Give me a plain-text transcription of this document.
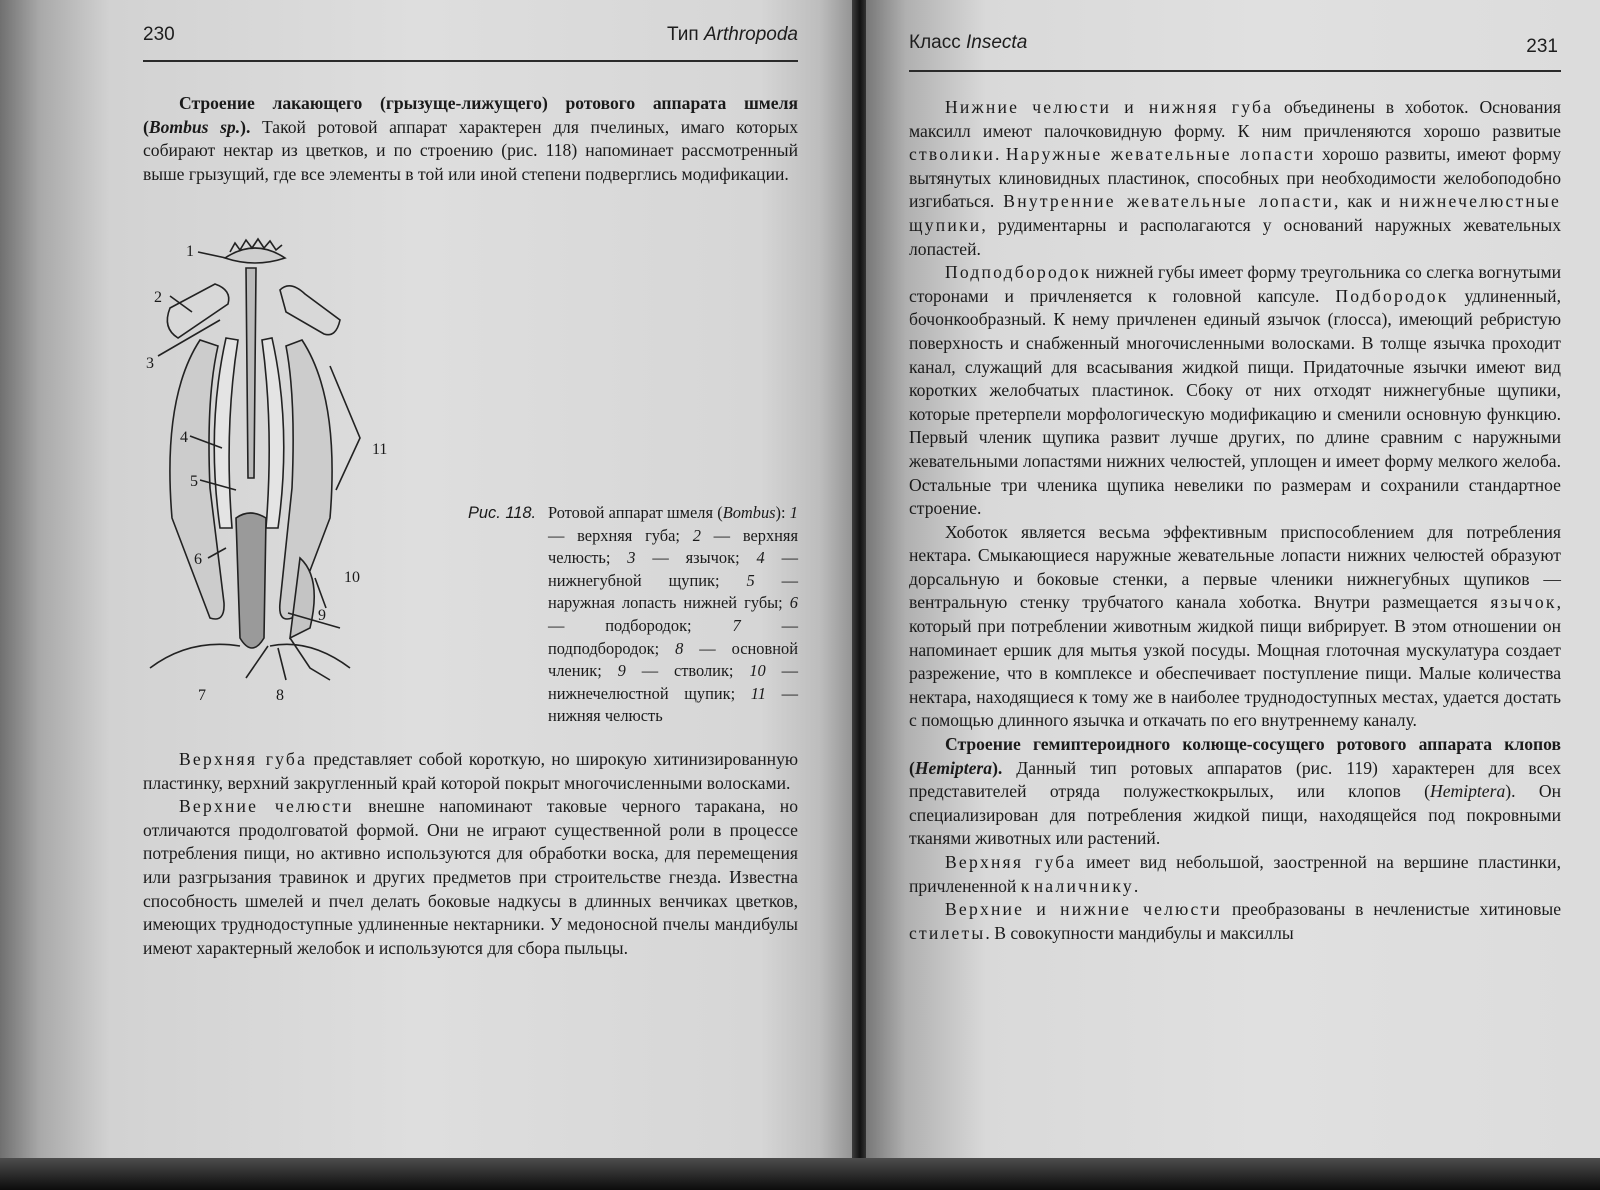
230	Тип Arthropoda

Строение лакающего (грызуще-лижущего) ротового аппарата шмеля (Bombus sp.). Такой ротовой аппарат характерен для пчелиных, имаго которых собирают нектар из цветков, и по строению (рис. 118) напоминает рассмотренный выше грызущий, где все элементы в той или иной степени подверглись модификации.

1
2
3
4
5
6
7	8
9
10
11
Рис. 118. Ротовой аппарат шмеля (Bombus): 1 — верхняя губа; 2 — верхняя челюсть; 3 — язычок; 4 — нижнегубной щупик; 5 — наружная лопасть нижней губы; 6 — подбородок; 7 — подподбородок; 8 — основной членик; 9 — стволик; 10 — нижнечелюстной щупик; 11 — нижняя челюсть

Верхняя губа представляет собой короткую, но широкую хитинизированную пластинку, верхний закругленный край которой покрыт многочисленными волосками.

Верхние челюсти внешне напоминают таковые черного таракана, но отличаются продолговатой формой. Они не играют существенной роли в процессе потребления пищи, но активно используются для обработки воска, для перемещения или разгрызания травинок и других предметов при строительстве гнезда. Известна способность шмелей и пчел делать боковые надкусы в длинных венчиках цветков, имеющих труднодоступные удлиненные нектарники. У медоносной пчелы мандибулы имеют характерный желобок и используются для сбора пыльцы.

Класс Insecta	231

Нижние челюсти и нижняя губа объединены в хоботок. Основания максилл имеют палочковидную форму. К ним причленяются хорошо развитые стволики. Наружные жевательные лопасти хорошо развиты, имеют форму вытянутых клиновидных пластинок, способных при необходимости желобоподобно изгибаться. Внутренние жевательные лопасти, как и нижнечелюстные щупики, рудиментарны и располагаются у оснований наружных жевательных лопастей.

Подподбородок нижней губы имеет форму треугольника со слегка вогнутыми сторонами и причленяется к головной капсуле. Подбородок удлиненный, бочонкообразный. К нему причленен единый язычок (глосса), имеющий ребристую поверхность и снабженный многочисленными волосками. В толще язычка проходит канал, служащий для всасывания жидкой пищи. Придаточные язычки имеют вид коротких желобчатых пластинок. Сбоку от них отходят нижнегубные щупики, которые претерпели морфологическую модификацию и сменили основную функцию. Первый членик щупика развит лучше других, по длине сравним с наружными жевательными лопастями нижних челюстей, уплощен и имеет форму мелкого желоба. Остальные три членика щупика невелики по размерам и сохранили стандартное строение.

Хоботок является весьма эффективным приспособлением для потребления нектара. Смыкающиеся наружные жевательные лопасти нижних челюстей образуют дорсальную и боковые стенки, а первые членики нижнегубных щупиков — вентральную стенку трубчатого канала хоботка. Внутри размещается язычок, который при потреблении животным жидкой пищи вибрирует. В этом отношении он напоминает ершик для мытья узкой посуды. Мощная глоточная мускулатура создает разрежение, что в комплексе и обеспечивает поступление пищи. Малые количества нектара, находящиеся к тому же в наиболее труднодоступных местах, удается достать с помощью длинного язычка и откачать по его внутреннему каналу.

Строение гемиптероидного колюще-сосущего ротового аппарата клопов (Hemiptera). Данный тип ротовых аппаратов (рис. 119) характерен для всех представителей отряда полужесткокрылых, или клопов (Hemiptera). Он специализирован для потребления жидкой пищи, находящейся под покровными тканями животных или растений.

Верхняя губа имеет вид небольшой, заостренной на вершине пластинки, причлененной к наличнику.

Верхние и нижние челюсти преобразованы в нечленистые хитиновые стилеты. В совокупности мандибулы и максиллы
